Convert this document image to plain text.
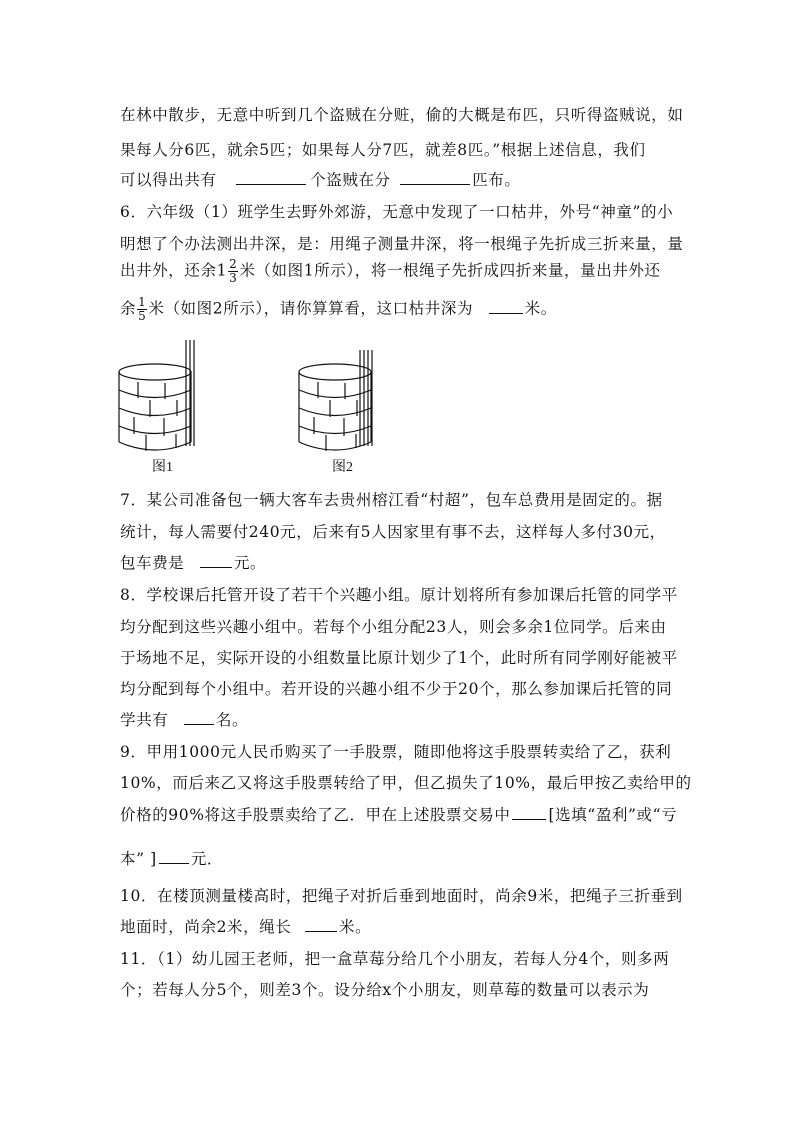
在林中散步，无意中听到几个盗贼在分赃，偷的大概是布匹，只听得盗贼说，如
果每人分6匹，就余5匹；如果每人分7匹，就差8匹。”根据上述信息，我们
可以得出共有	个盗贼在分	匹布。
6．六年级（1）班学生去野外郊游，无意中发现了一口枯井，外号“神童”的小
明想了个办法测出井深，是：用绳子测量井深，将一根绳子先折成三折来量，量
出井外，还余$1 \frac{2}{3}$ 米（如图1所示），将一根绳子先折成四折来量，量出井外还
余 $\frac{1}{5}$ 米（如图2所示），请你算算看，这口枯井深为	米。
图1	图2
7．某公司准备包一辆大客车去贵州榕江看“村超”，包车总费用是固定的。据
统计，每人需要付240元，后来有5人因家里有事不去，这样每人多付30元，
包车费是	元。
8．学校课后托管开设了若干个兴趣小组。原计划将所有参加课后托管的同学平
均分配到这些兴趣小组中。若每个小组分配23人，则会多余1位同学。后来由
于场地不足，实际开设的小组数量比原计划少了1个，此时所有同学刚好能被平
均分配到每个小组中。若开设的兴趣小组不少于20个，那么参加课后托管的同
学共有	名。
9．甲用1000元人民币购买了一手股票，随即他将这手股票转卖给了乙，获利
10%，而后来乙又将这手股票转给了甲，但乙损失了10%，最后甲按乙卖给甲的
价格的90%将这手股票卖给了乙．甲在上述股票交易中 [选填“盈利”或“亏
本” ] 元．
10．在楼顶测量楼高时，把绳子对折后垂到地面时，尚余9米，把绳子三折垂到
地面时，尚余2米，绳长	米。
11．（1）幼儿园王老师，把一盒草莓分给几个小朋友，若每人分4个，则多两
个；若每人分5个，则差3个。设分给x个小朋友，则草莓的数量可以表示为
